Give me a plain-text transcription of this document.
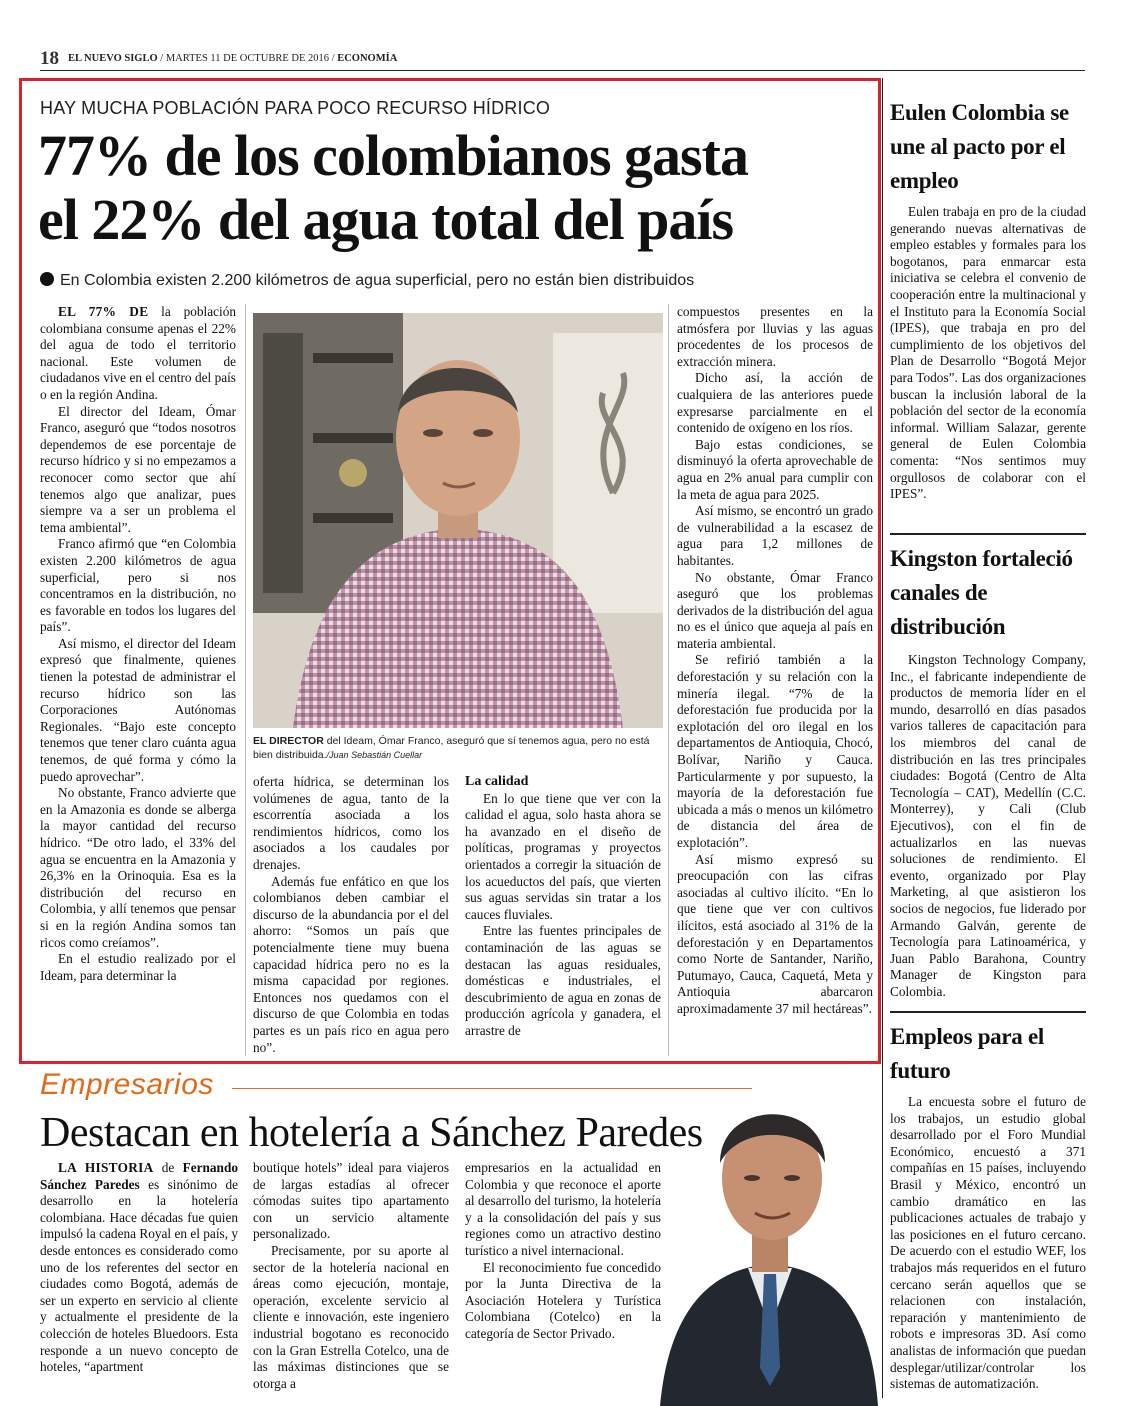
18 EL NUEVO SIGLO / MARTES 11 DE OCTUBRE DE 2016 / ECONOMÍA
HAY MUCHA POBLACIÓN PARA POCO RECURSO HÍDRICO
77% de los colombianos gasta
el 22% del agua total del país
En Colombia existen 2.200 kilómetros de agua superficial, pero no están bien distribuidos

EL 77% DE la población colombiana consume apenas el 22% del agua de todo el territorio nacional. Este volumen de ciudadanos vive en el centro del país o en la región Andina.

El director del Ideam, Ómar Franco, aseguró que “todos nosotros dependemos de ese porcentaje de recurso hídrico y si no empezamos a reconocer como sector que ahí tenemos algo que analizar, pues siempre va a ser un problema el tema ambiental”.

Franco afirmó que “en Colombia existen 2.200 kilómetros de agua superficial, pero si nos concentramos en la distribución, no es favorable en todos los lugares del país”.

Así mismo, el director del Ideam expresó que finalmente, quienes tienen la potestad de administrar el recurso hídrico son las Corporaciones Autónomas Regionales. “Bajo este concepto tenemos que tener claro cuánta agua tenemos, de qué forma y cómo la puedo aprovechar”.

No obstante, Franco advierte que en la Amazonia es donde se alberga la mayor cantidad del recurso hídrico. “De otro lado, el 33% del agua se encuentra en la Amazonia y 26,3% en la Orinoquia. Esa es la distribución del recurso en Colombia, y allí tenemos que pensar si en la región Andina somos tan ricos como creíamos”.

En el estudio realizado por el Ideam, para determinar la

EL DIRECTOR del Ideam, Ómar Franco, aseguró que sí tenemos agua, pero no está bien distribuida./Juan Sebastián Cuellar

oferta hídrica, se determinan los volúmenes de agua, tanto de la escorrentía asociada a los rendimientos hídricos, como los asociados a los caudales por drenajes.

Además fue enfático en que los colombianos deben cambiar el discurso de la abundancia por el del ahorro: “Somos un país que potencialmente tiene muy buena capacidad hídrica pero no es la misma capacidad por regiones. Entonces nos quedamos con el discurso de que Colombia en todas partes es un país rico en agua pero no”.

La calidad

En lo que tiene que ver con la calidad el agua, solo hasta ahora se ha avanzado en el diseño de políticas, programas y proyectos orientados a corregir la situación de los acueductos del país, que vierten sus aguas servidas sin tratar a los cauces fluviales.

Entre las fuentes principales de contaminación de las aguas se destacan las aguas residuales, domésticas e industriales, el descubrimiento de agua en zonas de producción agrícola y ganadera, el arrastre de

compuestos presentes en la atmósfera por lluvias y las aguas procedentes de los procesos de extracción minera.

Dicho así, la acción de cualquiera de las anteriores puede expresarse parcialmente en el contenido de oxígeno en los ríos.

Bajo estas condiciones, se disminuyó la oferta aprovechable de agua en 2% anual para cumplir con la meta de agua para 2025.

Así mismo, se encontró un grado de vulnerabilidad a la escasez de agua para 1,2 millones de habitantes.

No obstante, Ómar Franco aseguró que los problemas derivados de la distribución del agua no es el único que aqueja al país en materia ambiental.

Se refirió también a la deforestación y su relación con la minería ilegal. “7% de la deforestación fue producida por la explotación del oro ilegal en los departamentos de Antioquia, Chocó, Bolívar, Nariño y Cauca. Particularmente y por supuesto, la mayoría de la deforestación fue ubicada a más o menos un kilómetro de distancia del área de explotación”.

Así mismo expresó su preocupación con las cifras asociadas al cultivo ilícito. “En lo que tiene que ver con cultivos ilícitos, está asociado al 31% de la deforestación y en Departamentos como Norte de Santander, Nariño, Putumayo, Cauca, Caquetá, Meta y Antioquia abarcaron aproximadamente 37 mil hectáreas”.

Empresarios
Destacan en hotelería a Sánchez Paredes

LA HISTORIA de Fernando Sánchez Paredes es sinónimo de desarrollo en la hotelería colombiana. Hace décadas fue quien impulsó la cadena Royal en el país, y desde entonces es considerado como uno de los referentes del sector en ciudades como Bogotá, además de ser un experto en servicio al cliente y actualmente el presidente de la colección de hoteles Bluedoors. Esta responde a un nuevo concepto de hoteles, “apartment

boutique hotels” ideal para viajeros de largas estadías al ofrecer cómodas suites tipo apartamento con un servicio altamente personalizado.

Precisamente, por su aporte al sector de la hotelería nacional en áreas como ejecución, montaje, operación, excelente servicio al cliente e innovación, este ingeniero industrial bogotano es reconocido con la Gran Estrella Cotelco, una de las máximas distinciones que se otorga a

empresarios en la actualidad en Colombia y que reconoce el aporte al desarrollo del turismo, la hotelería y a la consolidación del país y sus regiones como un atractivo destino turístico a nivel internacional.

El reconocimiento fue concedido por la Junta Directiva de la Asociación Hotelera y Turística Colombiana (Cotelco) en la categoría de Sector Privado.

Eulen Colombia se une al pacto por el empleo

Eulen trabaja en pro de la ciudad generando nuevas alternativas de empleo estables y formales para los bogotanos, para enmarcar esta iniciativa se celebra el convenio de cooperación entre la multinacional y el Instituto para la Economía Social (IPES), que trabaja en pro del cumplimiento de los objetivos del Plan de Desarrollo “Bogotá Mejor para Todos”. Las dos organizaciones buscan la inclusión laboral de la población del sector de la economía informal. William Salazar, gerente general de Eulen Colombia comenta: “Nos sentimos muy orgullosos de colaborar con el IPES”.

Kingston fortaleció canales de distribución

Kingston Technology Company, Inc., el fabricante independiente de productos de memoria líder en el mundo, desarrolló en días pasados varios talleres de capacitación para los miembros del canal de distribución en las tres principales ciudades: Bogotá (Centro de Alta Tecnología – CAT), Medellín (C.C. Monterrey), y Cali (Club Ejecutivos), con el fin de actualizarlos en las nuevas soluciones de rendimiento. El evento, organizado por Play Marketing, al que asistieron los socios de negocios, fue liderado por Armando Galván, gerente de Tecnología para Latinoamérica, y Juan Pablo Barahona, Country Manager de Kingston para Colombia.

Empleos para el futuro

La encuesta sobre el futuro de los trabajos, un estudio global desarrollado por el Foro Mundial Económico, encuestó a 371 compañías en 15 países, incluyendo Brasil y México, encontró un cambio dramático en las publicaciones actuales de trabajo y las posiciones en el futuro cercano. De acuerdo con el estudio WEF, los trabajos más requeridos en el futuro cercano serán aquellos que se relacionen con instalación, reparación y mantenimiento de robots e impresoras 3D. Así como analistas de información que puedan desplegar/utilizar/controlar los sistemas de automatización.
